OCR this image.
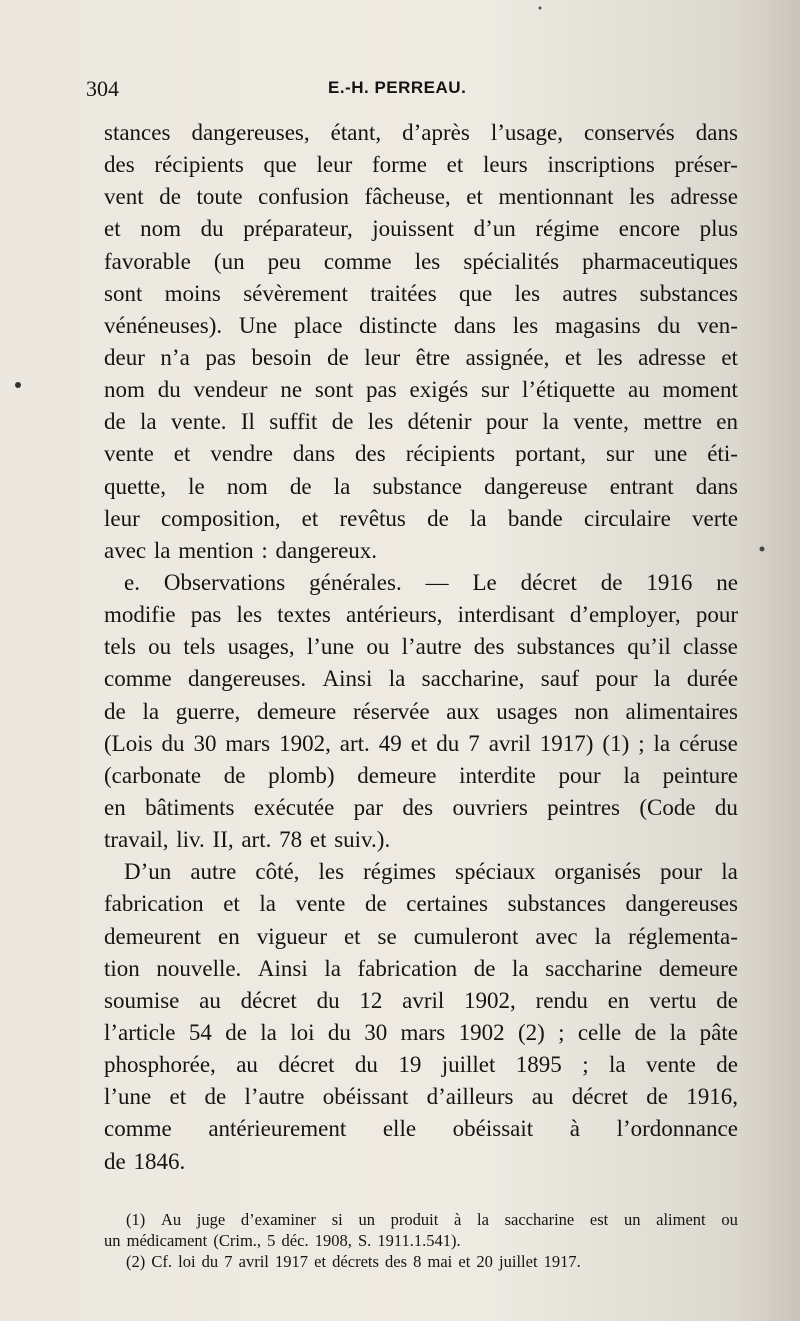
304	E.-H. PERREAU.
stances dangereuses, étant, d’après l’usage, conservés dans
des récipients que leur forme et leurs inscriptions préser-
vent de toute confusion fâcheuse, et mentionnant les adresse
et nom du préparateur, jouissent d’un régime encore plus
favorable (un peu comme les spécialités pharmaceutiques
sont moins sévèrement traitées que les autres substances
vénéneuses). Une place distincte dans les magasins du ven-
deur n’a pas besoin de leur être assignée, et les adresse et
nom du vendeur ne sont pas exigés sur l’étiquette au moment
de la vente. Il suffit de les détenir pour la vente, mettre en
vente et vendre dans des récipients portant, sur une éti-
quette, le nom de la substance dangereuse entrant dans
leur composition, et revêtus de la bande circulaire verte
avec la mention : dangereux.
e. Observations générales. — Le décret de 1916 ne
modifie pas les textes antérieurs, interdisant d’employer, pour
tels ou tels usages, l’une ou l’autre des substances qu’il classe
comme dangereuses. Ainsi la saccharine, sauf pour la durée
de la guerre, demeure réservée aux usages non alimentaires
(Lois du 30 mars 1902, art. 49 et du 7 avril 1917) (1) ; la céruse
(carbonate de plomb) demeure interdite pour la peinture
en bâtiments exécutée par des ouvriers peintres (Code du
travail, liv. II, art. 78 et suiv.).
D’un autre côté, les régimes spéciaux organisés pour la
fabrication et la vente de certaines substances dangereuses
demeurent en vigueur et se cumuleront avec la réglementa-
tion nouvelle. Ainsi la fabrication de la saccharine demeure
soumise au décret du 12 avril 1902, rendu en vertu de
l’article 54 de la loi du 30 mars 1902 (2) ; celle de la pâte
phosphorée, au décret du 19 juillet 1895 ; la vente de
l’une et de l’autre obéissant d’ailleurs au décret de 1916,
comme antérieurement elle obéissait à l’ordonnance
de 1846.
(1) Au juge d’examiner si un produit à la saccharine est un aliment ou
un médicament (Crim., 5 déc. 1908, S. 1911.1.541).
(2) Cf. loi du 7 avril 1917 et décrets des 8 mai et 20 juillet 1917.
